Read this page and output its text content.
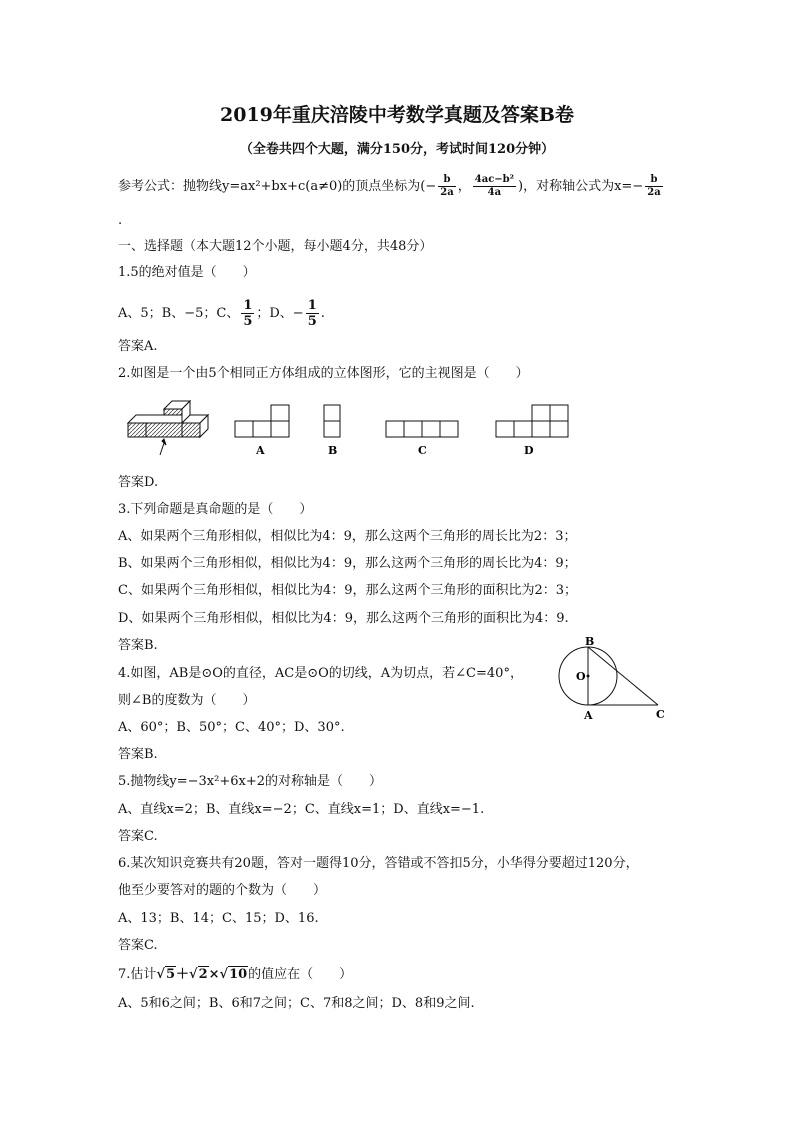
2019年重庆涪陵中考数学真题及答案B卷
（全卷共四个大题，满分150分，考试时间120分钟）
参考公式：抛物线y=ax²+bx+c(a≠0)的顶点坐标为(− $\frac{b}{2a}$ ， $\frac{\text{4ac−b²}}{4a}$ )，对称轴公式为$x=- \frac{b}{2a}$
.
一、选择题（本大题12个小题，每小题4分，共48分）
1.5的绝对值是（　　）
A、5；B、−5；C、 $\frac{1}{5}$ ；D、− $\frac{1}{5}$ .
答案A.
2.如图是一个由5个相同正方体组成的立体图形，它的主视图是（　　）
A	B	C	D
答案D.
3.下列命题是真命题的是（　　）
A、如果两个三角形相似，相似比为4：9，那么这两个三角形的周长比为2：3；
B、如果两个三角形相似，相似比为4：9，那么这两个三角形的周长比为4：9；
C、如果两个三角形相似，相似比为4：9，那么这两个三角形的面积比为2：3；
D、如果两个三角形相似，相似比为4：9，那么这两个三角形的面积比为4：9.
答案B.
4.如图，AB是⊙O的直径，AC是⊙O的切线，A为切点，若∠C=40°，
则∠B的度数为（　　）
A、60°；B、50°；C、40°；D、30°.
答案B.
B
O
A	C
5.抛物线y=−3x²+6x+2的对称轴是（　　）
A、直线x=2；B、直线x=−2；C、直线x=1；D、直线x=−1.
答案C.
6.某次知识竞赛共有20题，答对一题得10分，答错或不答扣5分，小华得分要超过120分，
他至少要答对的题的个数为（　　）
A、13；B、14；C、15；D、16.
答案C.
7.估计√5＋√2×√10的值应在（　　）
A、5和6之间；B、6和7之间；C、7和8之间；D、8和9之间.
